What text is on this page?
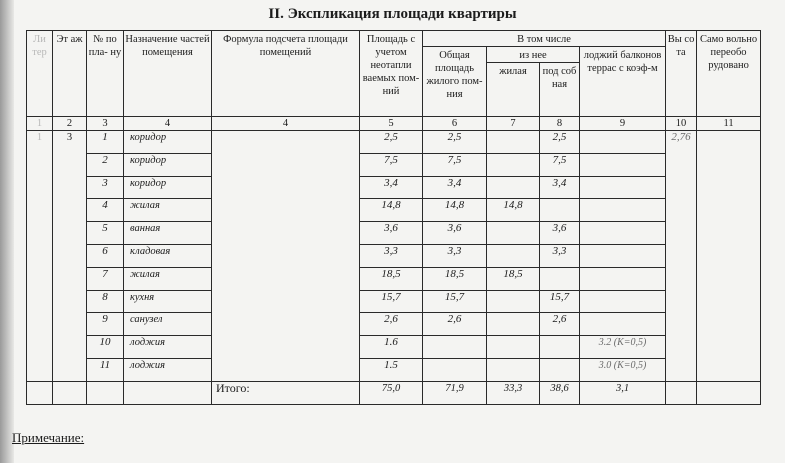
II. Экспликация площади квартиры
Ли тер	Эт аж	№ по пла- ну	Назначение частей помещения	Формула подсчета площади помещений	Площадь с учетом неотапли ваемых пом-ний	В том числе				Вы со та	Само вольно переобо рудовано
						Общая площадь жилого пом-ния	из нее		лоджий балконов террас с коэф-м		
							жилая	под соб ная			
1	2	3	4	4	5	6	7	8	9	10	11
1	3	1	коридор		2,5	2,5		2,5		2,76	
		2	коридор		7,5	7,5		7,5			
		3	коридор		3,4	3,4		3,4			
		4	жилая		14,8	14,8	14,8				
		5	ванная		3,6	3,6		3,6			
		6	кладовая		3,3	3,3		3,3			
		7	жилая		18,5	18,5	18,5				
		8	кухня		15,7	15,7		15,7			
		9	санузел		2,6	2,6		2,6			
		10	лоджия		1.6				3.2 (К=0,5)		
		11	лоджия		1.5				3.0 (К=0,5)		
				Итого:	75,0	71,9	33,3	38,6	3,1		
Примечание:
